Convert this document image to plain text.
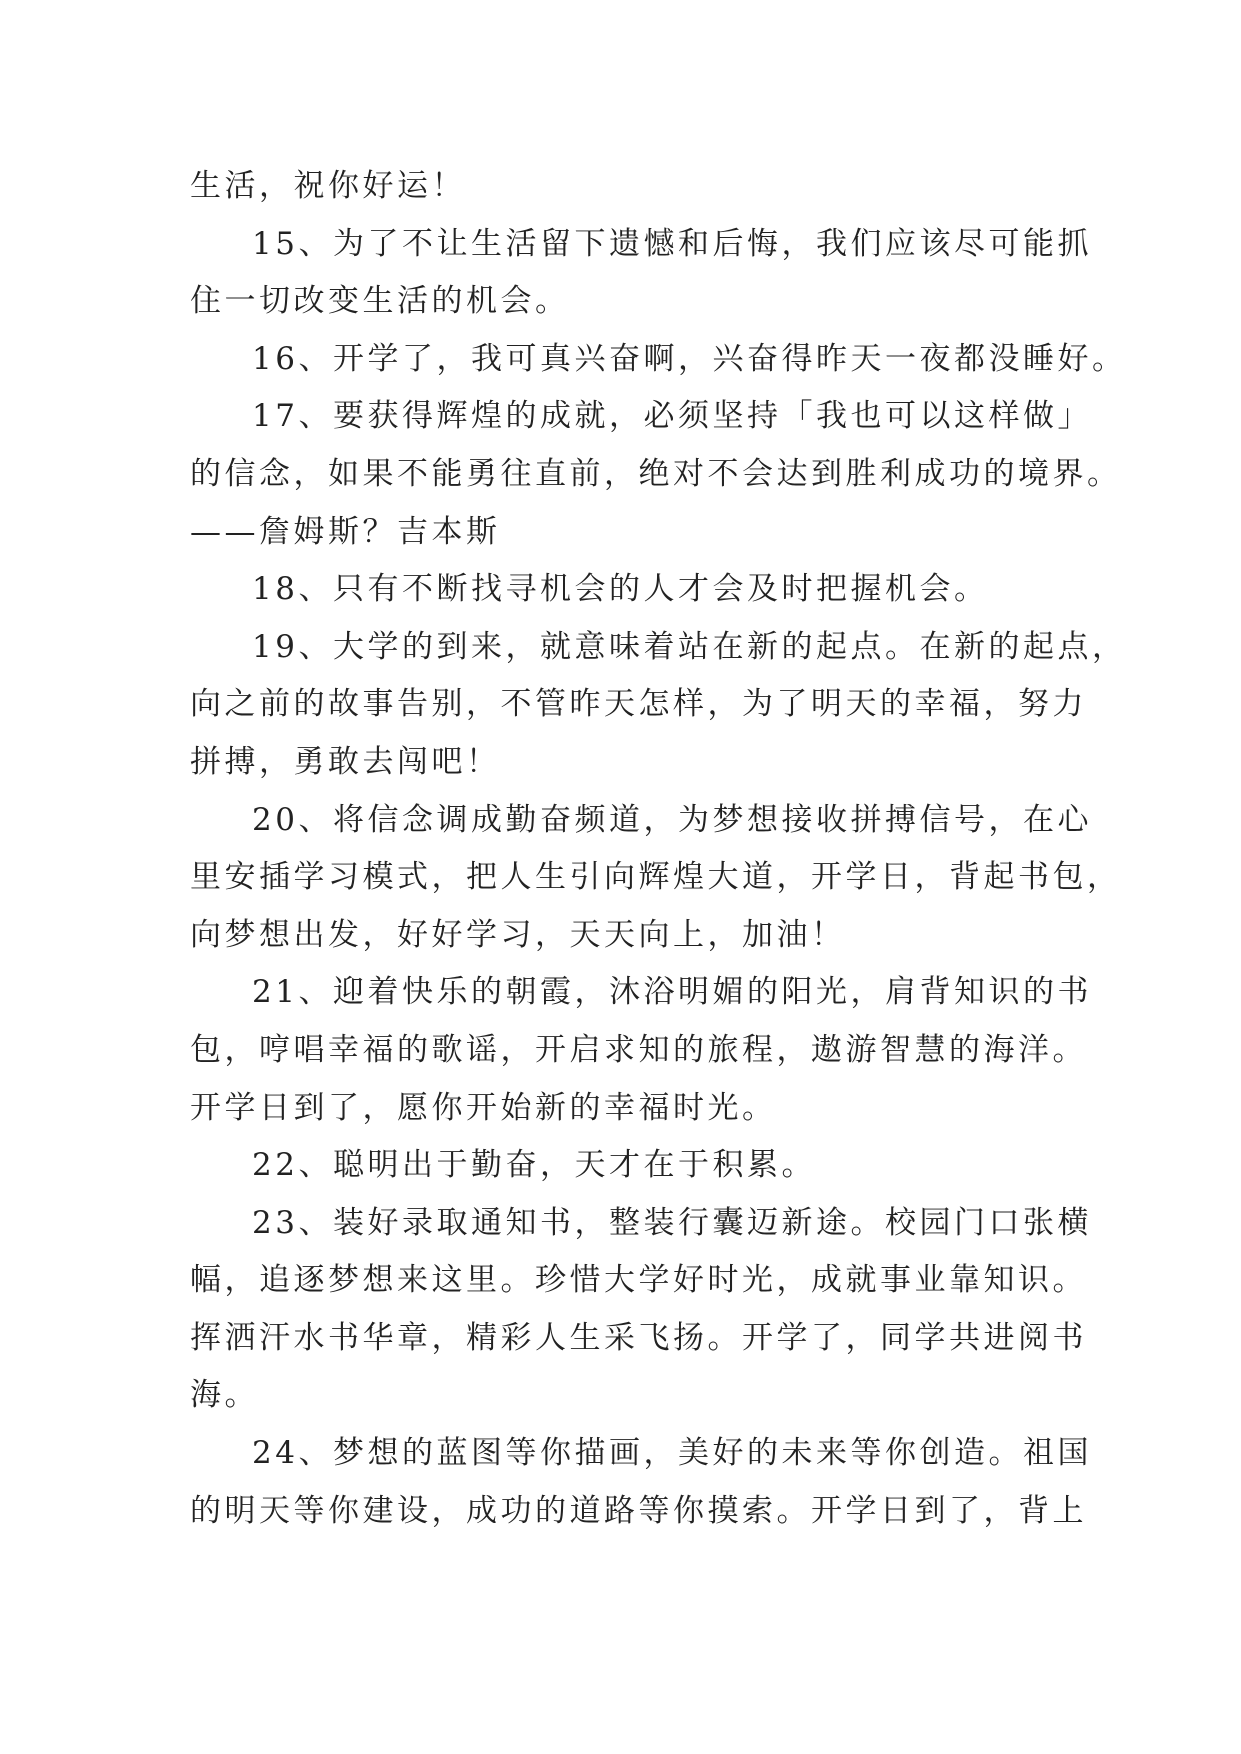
生活，祝你好运！
15、为了不让生活留下遗憾和后悔，我们应该尽可能抓
住一切改变生活的机会。
16、开学了，我可真兴奋啊，兴奋得昨天一夜都没睡好。
17、要获得辉煌的成就，必须坚持「我也可以这样做」
的信念，如果不能勇往直前，绝对不会达到胜利成功的境界。
——詹姆斯？吉本斯
18、只有不断找寻机会的人才会及时把握机会。
19、大学的到来，就意味着站在新的起点。在新的起点，
向之前的故事告别，不管昨天怎样，为了明天的幸福，努力
拼搏，勇敢去闯吧！
20、将信念调成勤奋频道，为梦想接收拼搏信号，在心
里安插学习模式，把人生引向辉煌大道，开学日，背起书包，
向梦想出发，好好学习，天天向上，加油！
21、迎着快乐的朝霞，沐浴明媚的阳光，肩背知识的书
包，哼唱幸福的歌谣，开启求知的旅程，遨游智慧的海洋。
开学日到了，愿你开始新的幸福时光。
22、聪明出于勤奋，天才在于积累。
23、装好录取通知书，整装行囊迈新途。校园门口张横
幅，追逐梦想来这里。珍惜大学好时光，成就事业靠知识。
挥洒汗水书华章，精彩人生采飞扬。开学了，同学共进阅书
海。
24、梦想的蓝图等你描画，美好的未来等你创造。祖国
的明天等你建设，成功的道路等你摸索。开学日到了，背上
